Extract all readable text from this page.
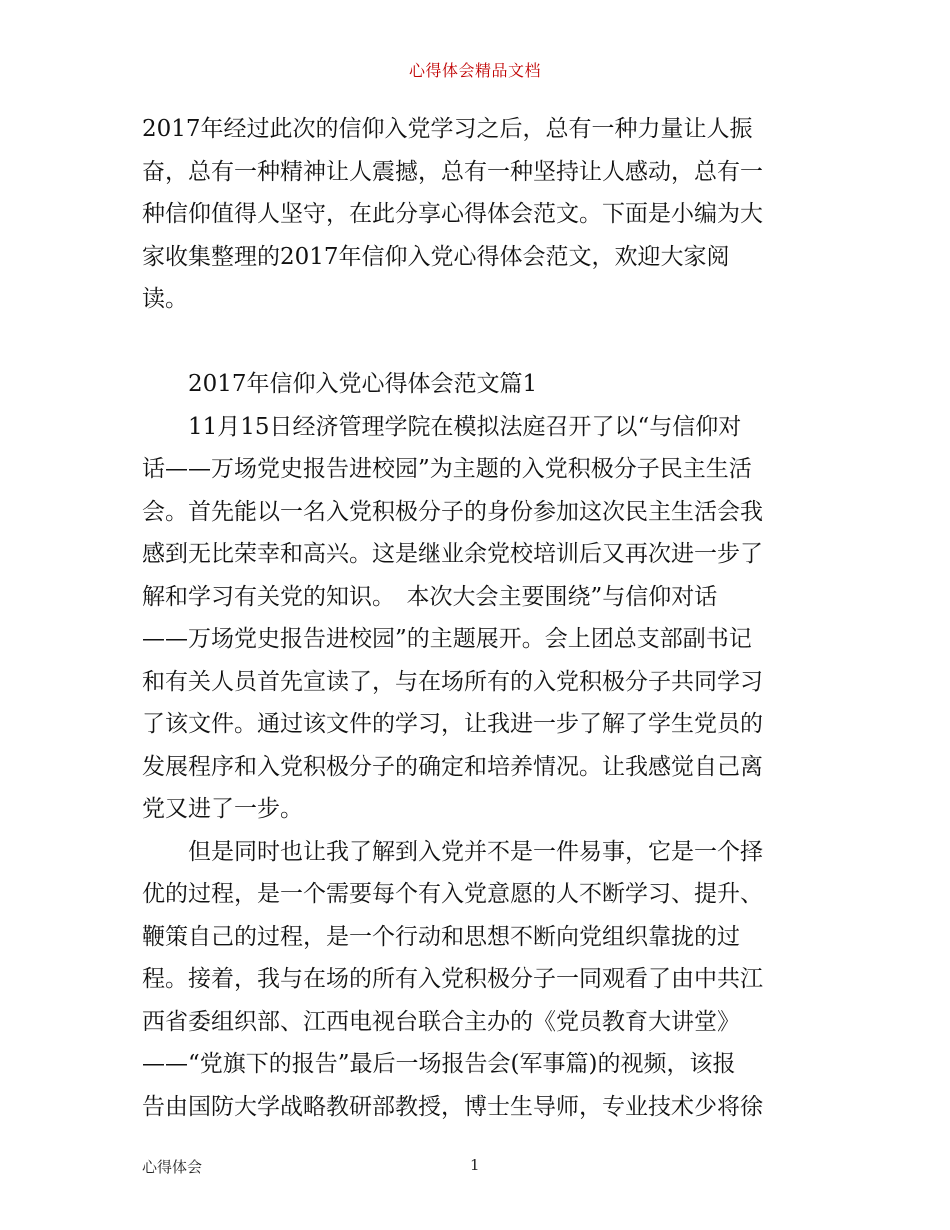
心得体会精品文档
2017年经过此次的信仰入党学习之后，总有一种力量让人振
奋，总有一种精神让人震撼，总有一种坚持让人感动，总有一
种信仰值得人坚守，在此分享心得体会范文。下面是小编为大
家收集整理的2017年信仰入党心得体会范文，欢迎大家阅
读。
　　2017年信仰入党心得体会范文篇1
　　11月15日经济管理学院在模拟法庭召开了以“与信仰对
话——万场党史报告进校园”为主题的入党积极分子民主生活
会。首先能以一名入党积极分子的身份参加这次民主生活会我
感到无比荣幸和高兴。这是继业余党校培训后又再次进一步了
解和学习有关党的知识。　本次大会主要围绕”与信仰对话
——万场党史报告进校园”的主题展开。会上团总支部副书记
和有关人员首先宣读了，与在场所有的入党积极分子共同学习
了该文件。通过该文件的学习，让我进一步了解了学生党员的
发展程序和入党积极分子的确定和培养情况。让我感觉自己离
党又进了一步。
　　但是同时也让我了解到入党并不是一件易事，它是一个择
优的过程，是一个需要每个有入党意愿的人不断学习、提升、
鞭策自己的过程，是一个行动和思想不断向党组织靠拢的过
程。接着，我与在场的所有入党积极分子一同观看了由中共江
西省委组织部、江西电视台联合主办的《党员教育大讲堂》
——“党旗下的报告”最后一场报告会(军事篇)的视频，该报
告由国防大学战略教研部教授，博士生导师，专业技术少将徐
心得体会	1
